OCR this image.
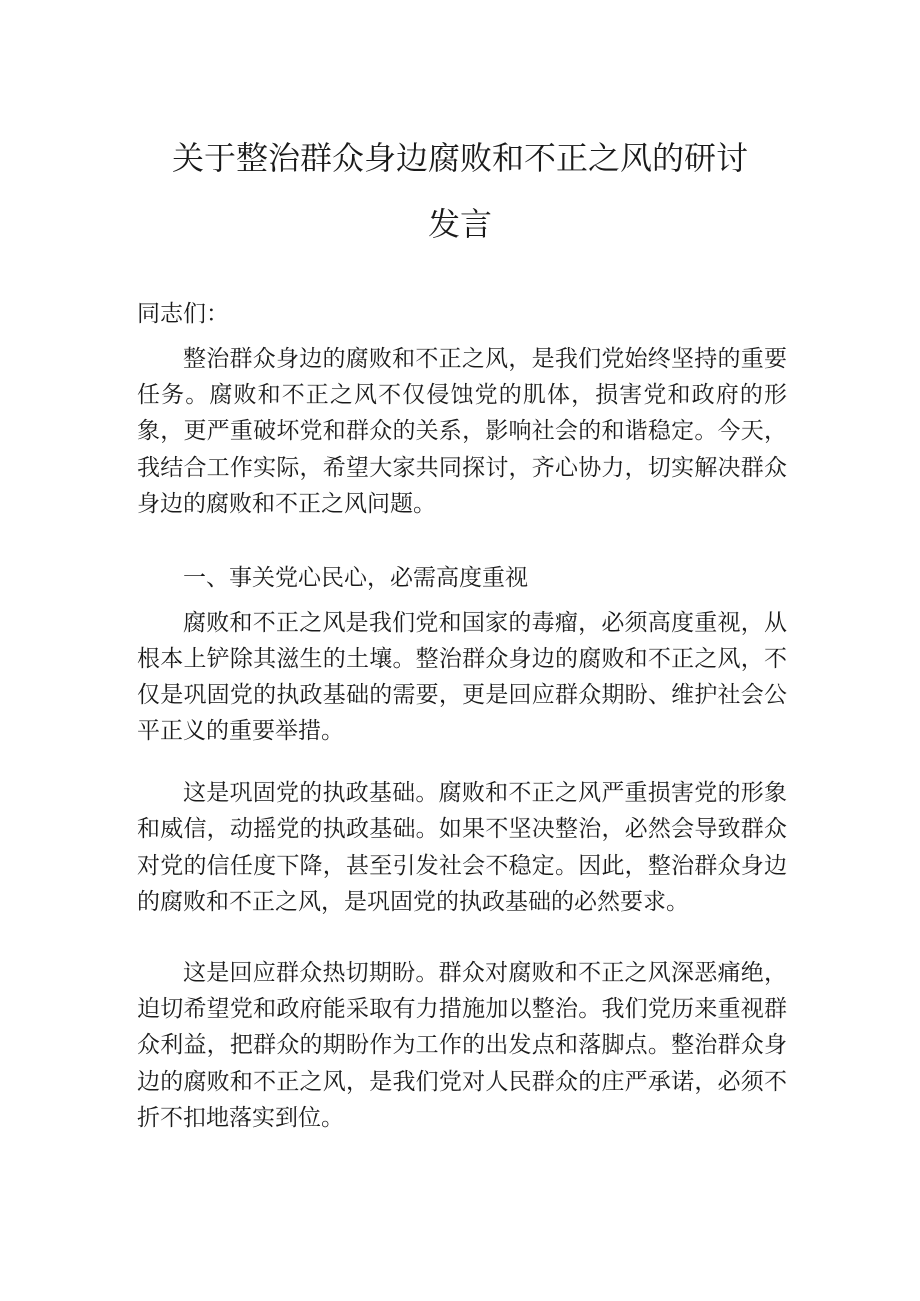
关于整治群众身边腐败和不正之风的研讨
发言

同志们：

整治群众身边的腐败和不正之风，是我们党始终坚持的重要任务。腐败和不正之风不仅侵蚀党的肌体，损害党和政府的形象，更严重破坏党和群众的关系，影响社会的和谐稳定。今天，我结合工作实际，希望大家共同探讨，齐心协力，切实解决群众身边的腐败和不正之风问题。

一、事关党心民心，必需高度重视

腐败和不正之风是我们党和国家的毒瘤，必须高度重视，从根本上铲除其滋生的土壤。整治群众身边的腐败和不正之风，不仅是巩固党的执政基础的需要，更是回应群众期盼、维护社会公平正义的重要举措。

这是巩固党的执政基础。腐败和不正之风严重损害党的形象和威信，动摇党的执政基础。如果不坚决整治，必然会导致群众对党的信任度下降，甚至引发社会不稳定。因此，整治群众身边的腐败和不正之风，是巩固党的执政基础的必然要求。

这是回应群众热切期盼。群众对腐败和不正之风深恶痛绝，迫切希望党和政府能采取有力措施加以整治。我们党历来重视群众利益，把群众的期盼作为工作的出发点和落脚点。整治群众身边的腐败和不正之风，是我们党对人民群众的庄严承诺，必须不折不扣地落实到位。
